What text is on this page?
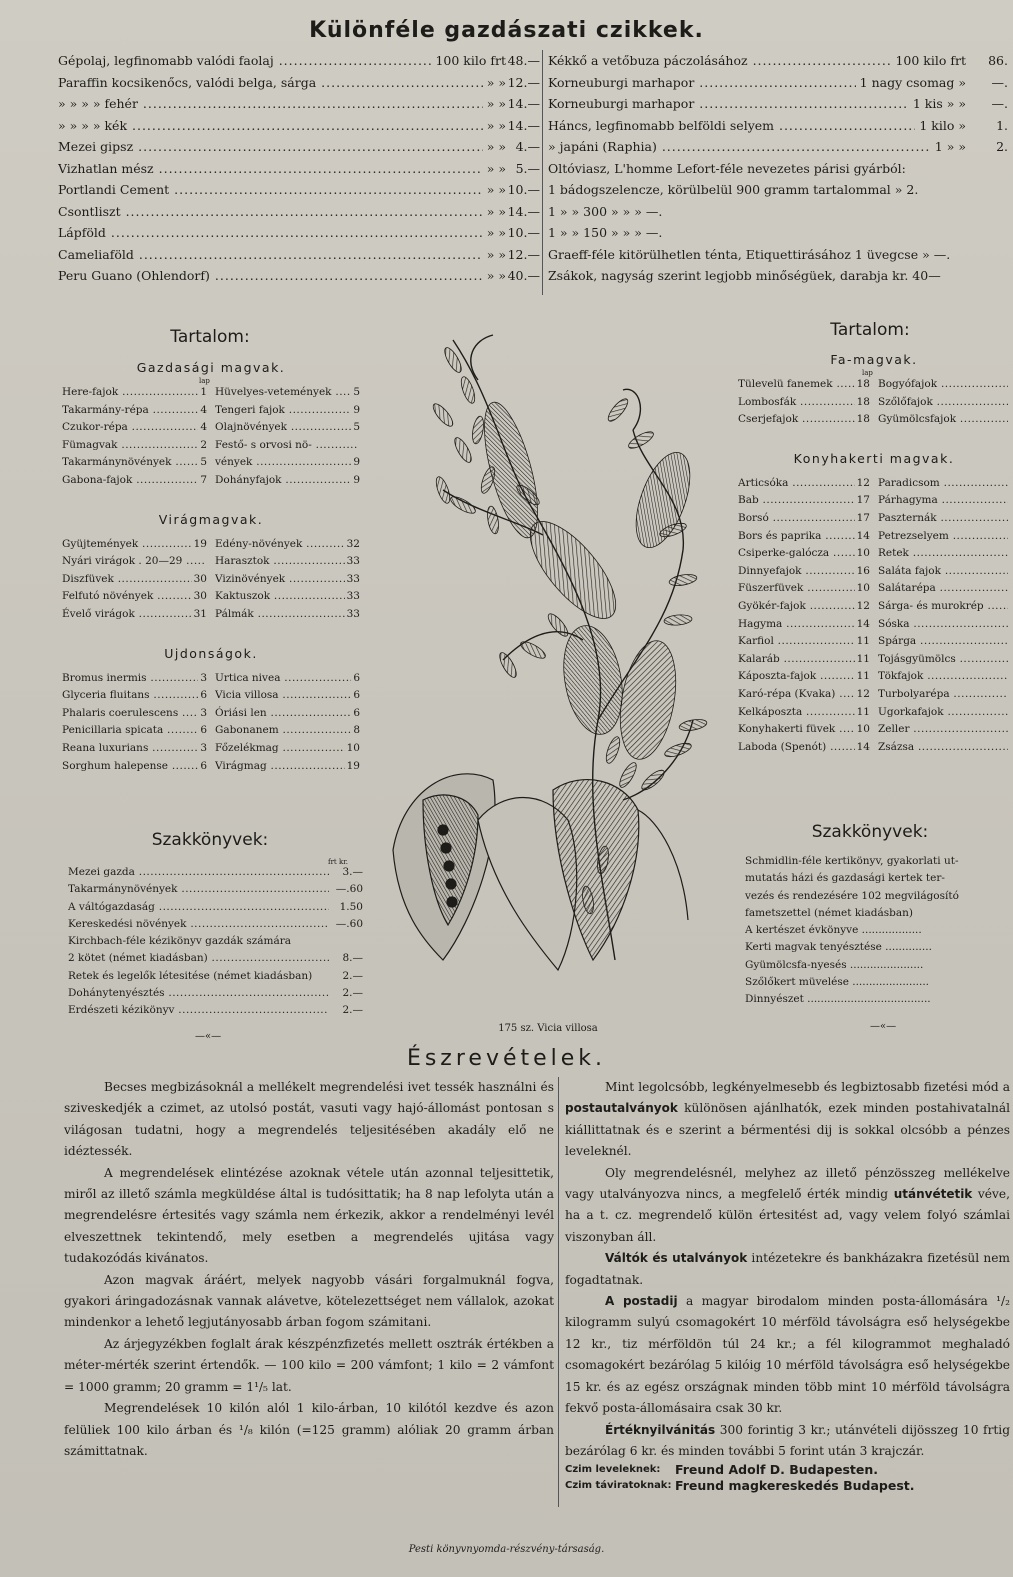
Különféle gazdászati czikkek.
Gépolaj, legfinomabb valódi faolaj .....	100 kilo frt 48.—
Paraffin kocsikenőcs, valódi belga, sárga .....	» » 12.—
» » » » fehér .....	» » 14.—
» » » » kék .....	» » 14.—
Mezei gipsz .....	» » 4.—
Vizhatlan mész .....	» » 5.—
Portlandi Cement .....	» » 10.—
Csontliszt .....	» » 14.—
Lápföld .....	» » 10.—
Cameliaföld .....	» » 12.—
Peru Guano (Ohlendorf) .....	» » 40.—
Kékkő a vetőbuza páczolásához .....	100 kilo frt	86.
Korneuburgi marhapor .....	1 nagy csomag »	—.
Korneuburgi marhapor .....	1 kis » »	—.
Háncs, legfinomabb belföldi selyem .....	1 kilo »	1.
» japáni (Raphia) .....	1 » »	2.
Oltóviasz, L'homme Lefort-féle nevezetes párisi gyárból:
1 bádogszelencze, körülbelül 900 gramm tartalommal » 2.
1 » » 300 » » » —.
1 » » 150 » » » —.
Graeff-féle kitörülhetlen ténta, Etiquettirásához 1 üvegcse » —.
Zsákok, nagyság szerint legjobb minőségüek, darabja kr. 40—
Tartalom:
Gazdasági magvak.
lap
Here-fajok .....	1 Hüvelyes-vetemények .....	5
Takarmány-répa .....	4 Tengeri fajok .....	9
Czukor-répa .....	4 Olajnövények .....	5
Fümagvak .....	2 Festő- s orvosi nö- .....
Takarmánynövények .....	5 vények .....	9
Gabona-fajok .....	7 Dohányfajok .....	9
Virágmagvak.
Gyüjtemények .....	19 Edény-növények .....	32
Nyári virágok . 20—29 .....	Harasztok .....	33
Diszfüvek .....	30 Vizinövények .....	33
Felfutó növények .....	30 Kaktuszok .....	33
Évelő virágok .....	31 Pálmák .....	33
Ujdonságok.
Bromus inermis .....	3 Urtica nivea .....	6
Glyceria fluitans .....	6 Vicia villosa .....	6
Phalaris coerulescens .....	3 Óriási len .....	6
Penicillaria spicata .....	6 Gabonanem .....	8
Reana luxurians .....	3 Főzelékmag .....	10
Sorghum halepense .....	6 Virágmag .....	19
Tartalom:
Fa-magvak.
lap
Tülevelü fanemek .....	18 Bogyófajok .....
Lombosfák .....	18 Szőlőfajok .....
Cserjefajok .....	18 Gyümölcsfajok .....
Konyhakerti magvak.
Articsóka .....	12 Paradicsom .....
Bab .....	17 Párhagyma .....
Borsó .....	17 Paszternák .....
Bors és paprika .....	14 Petrezselyem .....
Csiperke-galócza .....	10 Retek .....
Dinnyefajok .....	16 Saláta fajok .....
Füszerfüvek .....	10 Salátarépa .....
Gyökér-fajok .....	12 Sárga- és murokrép .....
Hagyma .....	14 Sóska .....
Karfiol .....	11 Spárga .....
Kalaráb .....	11 Tojásgyümölcs .....
Káposzta-fajok .....	11 Tökfajok .....
Karó-répa (Kvaka) .....	12 Turbolyarépa .....
Kelkáposzta .....	11 Ugorkafajok .....
Konyhakerti füvek .....	10 Zeller .....
Laboda (Spenót) .....	14 Zsázsa .....
Szakkönyvek:
frt kr.
Mezei gazda .....	3.—
Takarmánynövények .....	—.60
A váltógazdaság .....	1.50
Kereskedési növények .....	—.60
Kirchbach-féle kézikönyv gazdák számára
2 kötet (német kiadásban) .....	8.—
Retek és legelők létesitése (német kiadásban)	2.—
Dohánytenyésztés .....	2.—
Erdészeti kézikönyv .....	2.—
—«—
Szakkönyvek:
Schmidlin-féle kertikönyv, gyakorlati ut-
mutatás házi és gazdasági kertek ter-
vezés és rendezésére 102 megvilágosító
fametszettel (német kiadásban)
A kertészet évkönyve ..................
Kerti magvak tenyésztése ..............
Gyümölcsfa-nyesés ......................
Szőlőkert müvelése .......................
Dinnyészet .....................................
—«—
175 sz. Vicia villosa
Észrevételek.

Becses megbizásoknál a mellékelt megrendelési ivet tessék használni és sziveskedjék a czimet, az utolsó postát, vasuti vagy hajó-állomást pontosan s világosan tudatni, hogy a megrendelés teljesitésében akadály elő ne idéztessék.

A megrendelések elintézése azoknak vétele után azonnal teljesittetik, miről az illető számla megküldése által is tudósittatik; ha 8 nap lefolyta után a megrendelésre értesités vagy számla nem érkezik, akkor a rendelményi levél elveszettnek tekintendő, mely esetben a megrendelés ujitása vagy tudakozódás kivánatos.

Azon magvak áráért, melyek nagyobb vásári forgalmuknál fogva, gyakori áringadozásnak vannak alávetve, kötelezettséget nem vállalok, azokat mindenkor a lehető legjutányosabb árban fogom számitani.

Az árjegyzékben foglalt árak készpénzfizetés mellett osztrák értékben a méter-mérték szerint értendők. — 100 kilo = 200 vámfont; 1 kilo = 2 vámfont = 1000 gramm; 20 gramm = 1¹/₅ lat.

Megrendelések 10 kilón alól 1 kilo-árban, 10 kilótól kezdve és azon felüliek 100 kilo árban és ¹/₈ kilón (=125 gramm) alóliak 20 gramm árban számittatnak.

Mint legolcsóbb, legkényelmesebb és legbiztosabb fizetési mód a postautalványok különösen ajánlhatók, ezek minden postahivatalnál kiállittatnak és e szerint a bérmentési dij is sokkal olcsóbb a pénzes leveleknél.

Oly megrendelésnél, melyhez az illető pénzösszeg mellékelve vagy utalványozva nincs, a megfelelő érték mindig utánvétetik véve, ha a t. cz. megrendelő külön értesitést ad, vagy velem folyó számlai viszonyban áll.

Váltók és utalványok intézetekre és bankházakra fizetésül nem fogadtatnak.

A postadij a magyar birodalom minden posta-állomására ¹/₂ kilogramm sulyú csomagokért 10 mérföld távolságra eső helységekbe 12 kr., tiz mérföldön túl 24 kr.; a fél kilogrammot meghaladó csomagokért bezárólag 5 kilóig 10 mérföld távolságra eső helységekbe 15 kr. és az egész országnak minden több mint 10 mérföld távolságra fekvő posta-állomásaira csak 30 kr.

Értéknyilvánitás 300 forintig 3 kr.; utánvételi dijösszeg 10 frtig bezárólag 6 kr. és minden további 5 forint után 3 krajczár.

Czim leveleknek:	Freund Adolf D. Budapesten.
Czim táviratoknak: Freund magkereskedés Budapest.
Pesti könyvnyomda-részvény-társaság.
